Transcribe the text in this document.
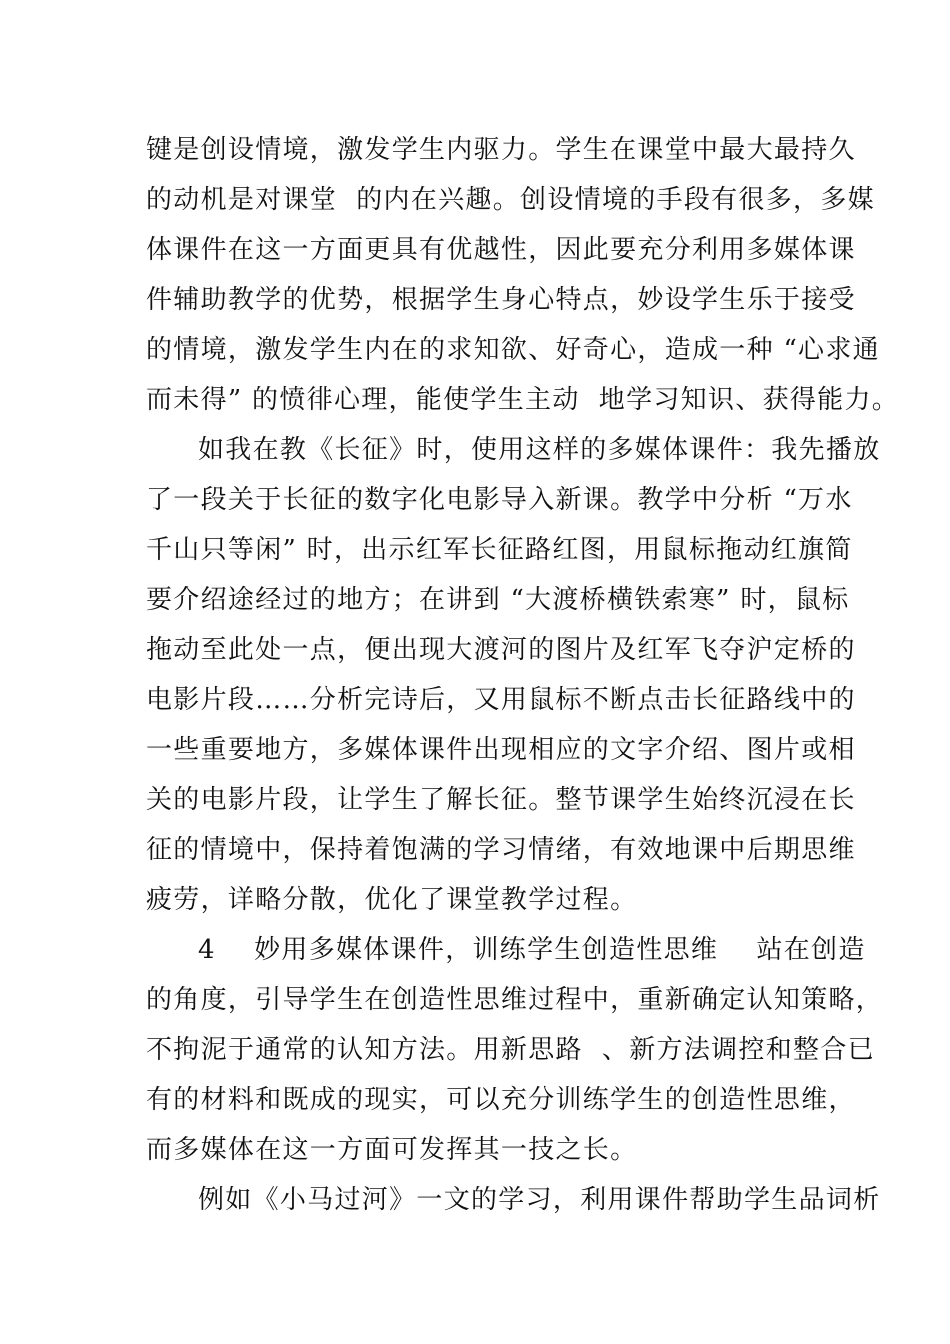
键是创设情境，激发学生内驱力。学生在课堂中最大最持久
的动机是对课堂  的内在兴趣。创设情境的手段有很多，多媒
体课件在这一方面更具有优越性，因此要充分利用多媒体课
件辅助教学的优势，根据学生身心特点，妙设学生乐于接受
的情境，激发学生内在的求知欲、好奇心，造成一种 “心求通
而未得” 的愤徘心理，能使学生主动  地学习知识、获得能力。
如我在教《长征》时，使用这样的多媒体课件：我先播放
了一段关于长征的数字化电影导入新课。教学中分析 “万水
千山只等闲” 时，出示红军长征路红图，用鼠标拖动红旗简
要介绍途经过的地方；在讲到 “大渡桥横铁索寒” 时，鼠标
拖动至此处一点，便出现大渡河的图片及红军飞夺沪定桥的
电影片段……分析完诗后，又用鼠标不断点击长征路线中的
一些重要地方，多媒体课件出现相应的文字介绍、图片或相
关的电影片段，让学生了解长征。整节课学生始终沉浸在长
征的情境中，保持着饱满的学习情绪，有效地课中后期思维
疲劳，详略分散，优化了课堂教学过程。
4    妙用多媒体课件，训练学生创造性思维    站在创造
的角度，引导学生在创造性思维过程中，重新确定认知策略，
不拘泥于通常的认知方法。用新思路  、新方法调控和整合已
有的材料和既成的现实，可以充分训练学生的创造性思维，
而多媒体在这一方面可发挥其一技之长。
例如《小马过河》一文的学习，利用课件帮助学生品词析
